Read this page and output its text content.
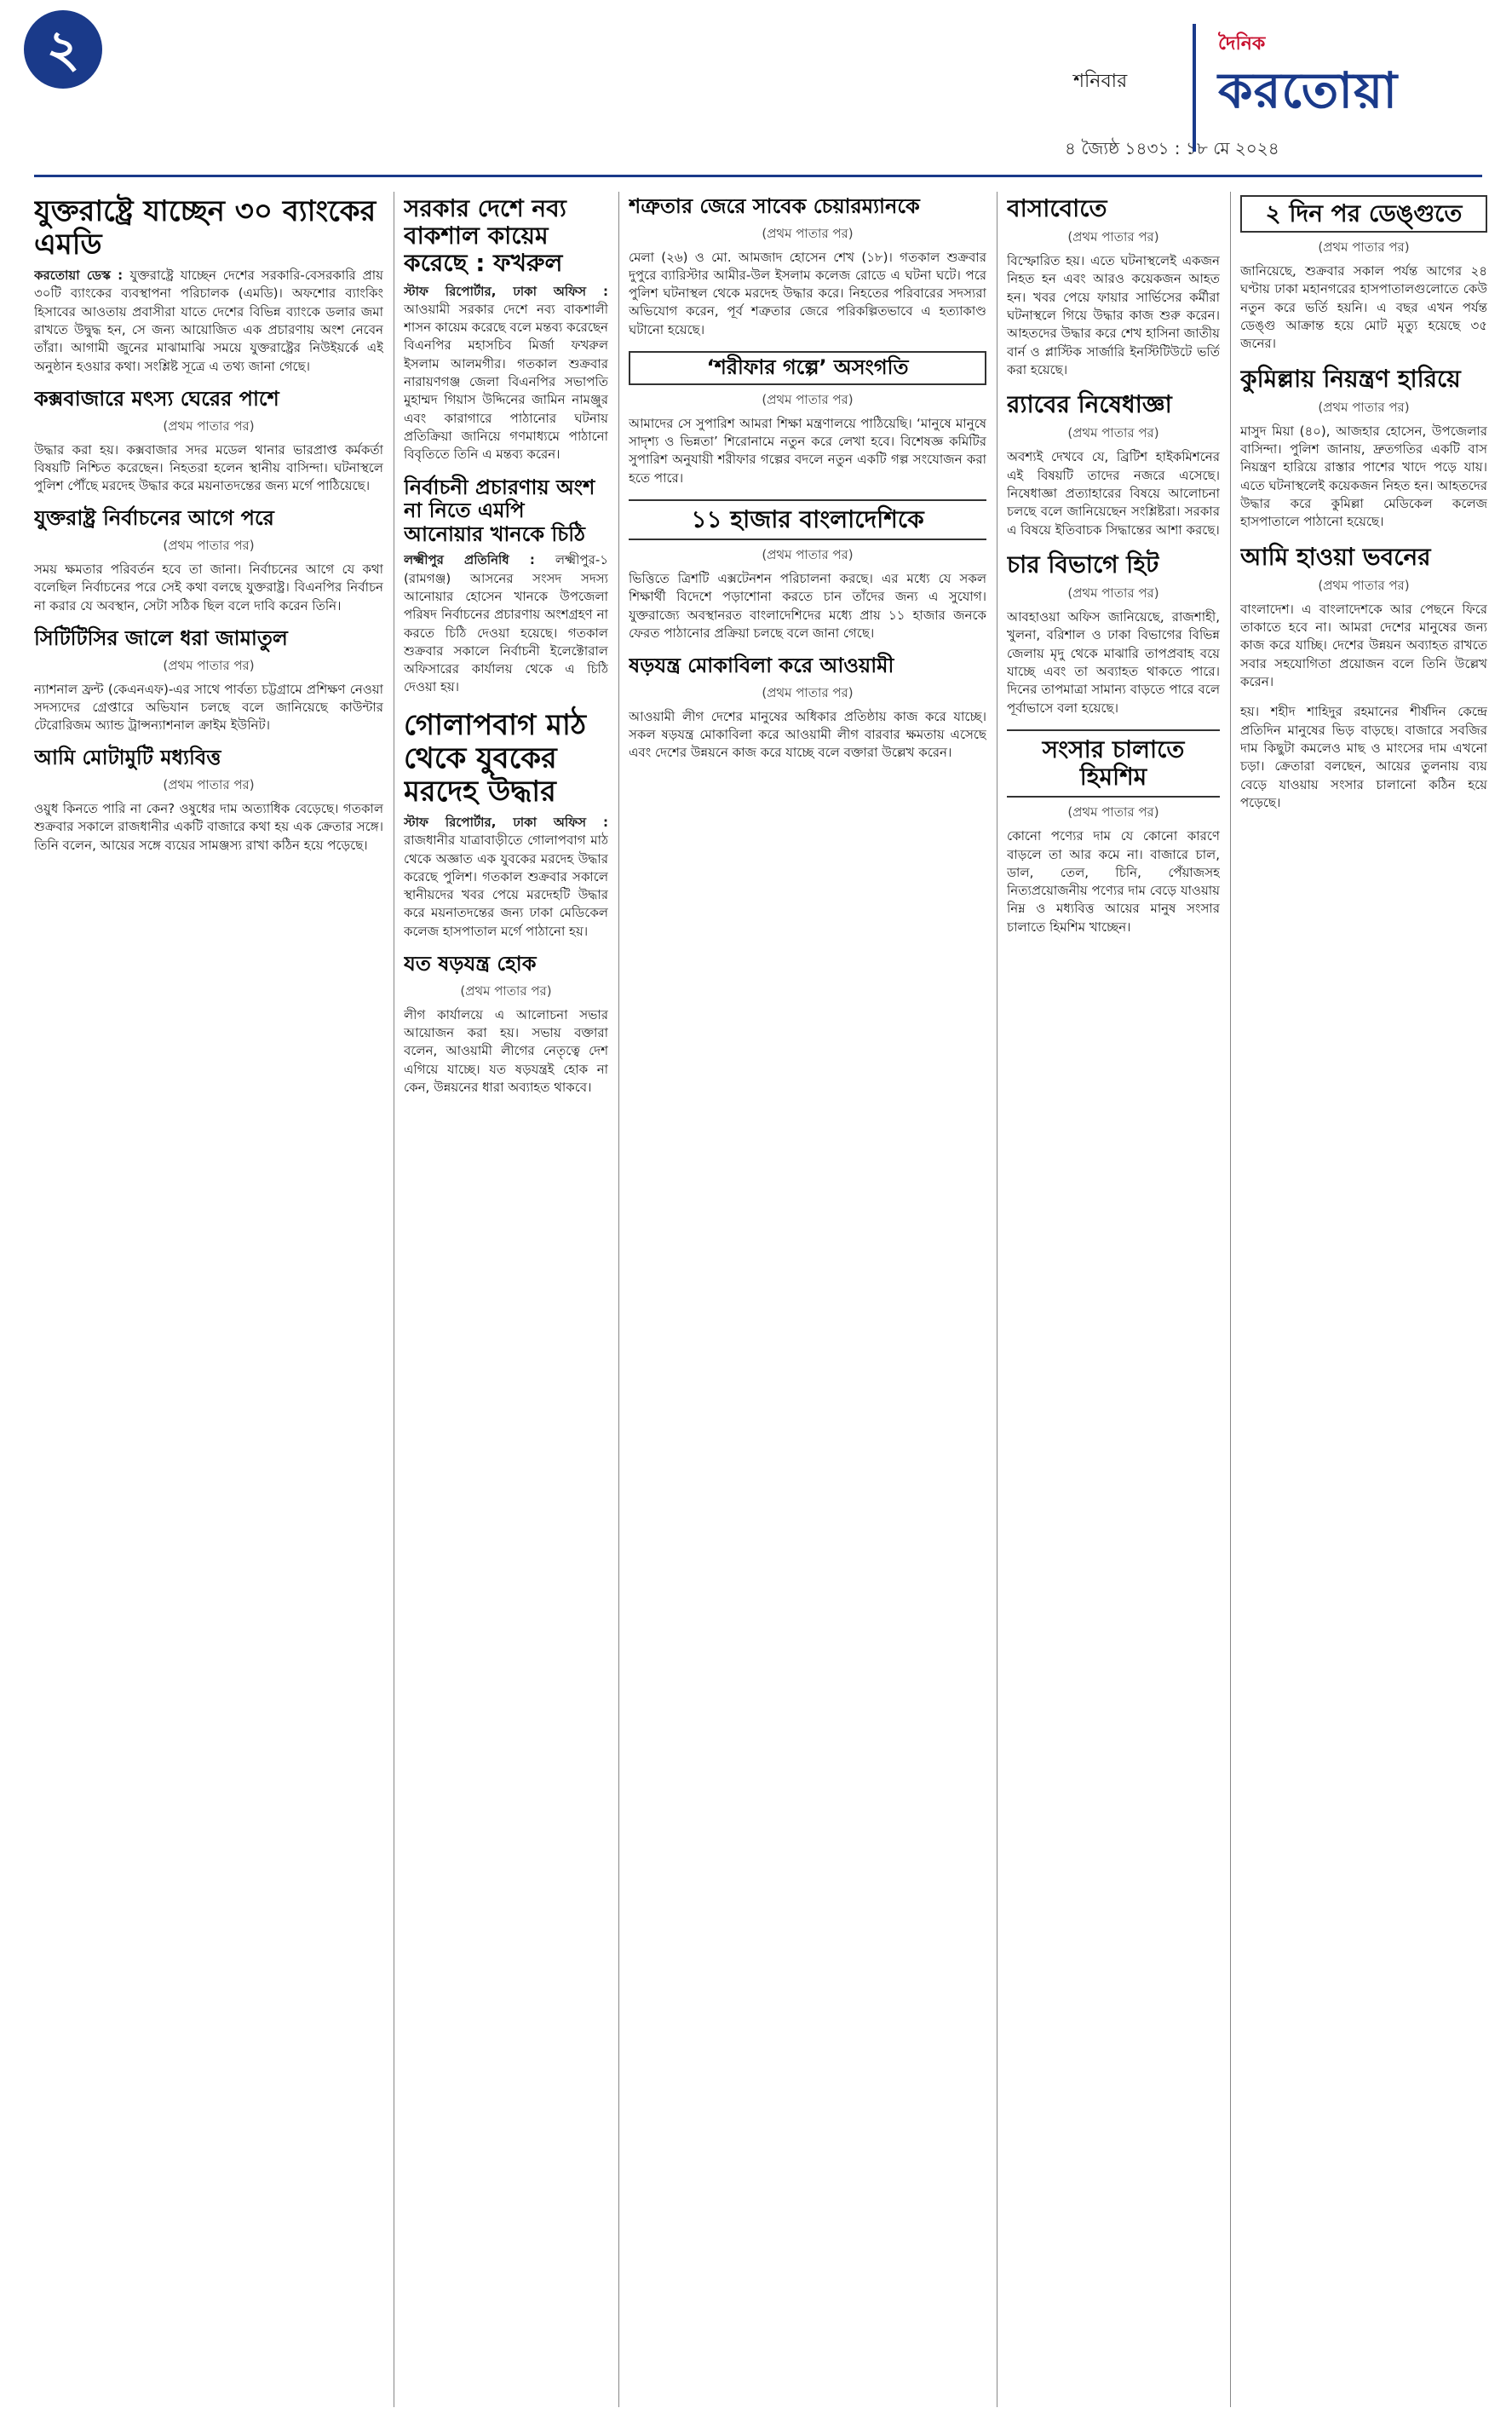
২
শনিবার
৪ জ্যৈষ্ঠ ১৪৩১ : ১৮ মে ২০২৪
দৈনিক
করতোয়া
যুক্তরাষ্ট্রে যাচ্ছেন ৩০ ব্যাংকের এমডি
করতোয়া ডেস্ক : যুক্তরাষ্ট্রে যাচ্ছেন দেশের সরকারি-বেসরকারি প্রায় ৩০টি ব্যাংকের ব্যবস্থাপনা পরিচালক (এমডি)। অফশোর ব্যাংকিং হিসাবের আওতায় প্রবাসীরা যাতে দেশের বিভিন্ন ব্যাংকে ডলার জমা রাখতে উদ্বুদ্ধ হন, সে জন্য আয়োজিত এক প্রচারণায় অংশ নেবেন তাঁরা। আগামী জুনের মাঝামাঝি সময়ে যুক্তরাষ্ট্রের নিউইয়র্কে এই অনুষ্ঠান হওয়ার কথা। সংশ্লিষ্ট সূত্রে এ তথ্য জানা গেছে।
কক্সবাজারে মৎস্য ঘেরের পাশে
(প্রথম পাতার পর)
উদ্ধার করা হয়। কক্সবাজার সদর মডেল থানার ভারপ্রাপ্ত কর্মকর্তা বিষয়টি নিশ্চিত করেছেন। নিহতরা হলেন স্থানীয় বাসিন্দা। ঘটনাস্থলে পুলিশ পৌঁছে মরদেহ উদ্ধার করে ময়নাতদন্তের জন্য মর্গে পাঠিয়েছে।
যুক্তরাষ্ট্র নির্বাচনের আগে পরে
(প্রথম পাতার পর)
সময় ক্ষমতার পরিবর্তন হবে তা জানা। নির্বাচনের আগে যে কথা বলেছিল নির্বাচনের পরে সেই কথা বলছে যুক্তরাষ্ট্র। বিএনপির নির্বাচন না করার যে অবস্থান, সেটা সঠিক ছিল বলে দাবি করেন তিনি।
সিটিটিসির জালে ধরা জামাতুল
(প্রথম পাতার পর)
ন্যাশনাল ফ্রন্ট (কেএনএফ)-এর সাথে পার্বত্য চট্টগ্রামে প্রশিক্ষণ নেওয়া সদস্যদের গ্রেপ্তারে অভিযান চলছে বলে জানিয়েছে কাউন্টার টেরোরিজম অ্যান্ড ট্রান্সন্যাশনাল ক্রাইম ইউনিট।
আমি মোটামুটি মধ্যবিত্ত
(প্রথম পাতার পর)
ওয়ুধ কিনতে পারি না কেন? ওষুধের দাম অত্যাধিক বেড়েছে। গতকাল শুক্রবার সকালে রাজধানীর একটি বাজারে কথা হয় এক ক্রেতার সঙ্গে। তিনি বলেন, আয়ের সঙ্গে ব্যয়ের সামঞ্জস্য রাখা কঠিন হয়ে পড়েছে।
সরকার দেশে নব্য বাকশাল কায়েম করেছে : ফখরুল
স্টাফ রিপোর্টার, ঢাকা অফিস : আওয়ামী সরকার দেশে নব্য বাকশালী শাসন কায়েম করেছে বলে মন্তব্য করেছেন বিএনপির মহাসচিব মির্জা ফখরুল ইসলাম আলমগীর। গতকাল শুক্রবার নারায়ণগঞ্জ জেলা বিএনপির সভাপতি মুহাম্মদ গিয়াস উদ্দিনের জামিন নামঞ্জুর এবং কারাগারে পাঠানোর ঘটনায় প্রতিক্রিয়া জানিয়ে গণমাধ্যমে পাঠানো বিবৃতিতে তিনি এ মন্তব্য করেন।
নির্বাচনী প্রচারণায় অংশ না নিতে এমপি আনোয়ার খানকে চিঠি
লক্ষ্মীপুর প্রতিনিধি : লক্ষ্মীপুর-১ (রামগঞ্জ) আসনের সংসদ সদস্য আনোয়ার হোসেন খানকে উপজেলা পরিষদ নির্বাচনের প্রচারণায় অংশগ্রহণ না করতে চিঠি দেওয়া হয়েছে। গতকাল শুক্রবার সকালে নির্বাচনী ইলেক্টোরাল অফিসারের কার্যালয় থেকে এ চিঠি দেওয়া হয়।
গোলাপবাগ মাঠ থেকে যুবকের মরদেহ উদ্ধার
স্টাফ রিপোর্টার, ঢাকা অফিস : রাজধানীর যাত্রাবাড়ীতে গোলাপবাগ মাঠ থেকে অজ্ঞাত এক যুবকের মরদেহ উদ্ধার করেছে পুলিশ। গতকাল শুক্রবার সকালে স্থানীয়দের খবর পেয়ে মরদেহটি উদ্ধার করে ময়নাতদন্তের জন্য ঢাকা মেডিকেল কলেজ হাসপাতাল মর্গে পাঠানো হয়।
যত ষড়যন্ত্র হোক
(প্রথম পাতার পর)
লীগ কার্যালয়ে এ আলোচনা সভার আয়োজন করা হয়। সভায় বক্তারা বলেন, আওয়ামী লীগের নেতৃত্বে দেশ এগিয়ে যাচ্ছে। যত ষড়যন্ত্রই হোক না কেন, উন্নয়নের ধারা অব্যাহত থাকবে।
শত্রুতার জেরে সাবেক চেয়ারম্যানকে
(প্রথম পাতার পর)
মেলা (২৬) ও মো. আমজাদ হোসেন শেখ (১৮)। গতকাল শুক্রবার দুপুরে ব্যারিস্টার আমীর-উল ইসলাম কলেজ রোডে এ ঘটনা ঘটে। পরে পুলিশ ঘটনাস্থল থেকে মরদেহ উদ্ধার করে। নিহতের পরিবারের সদস্যরা অভিযোগ করেন, পূর্ব শত্রুতার জেরে পরিকল্পিতভাবে এ হত্যাকাণ্ড ঘটানো হয়েছে।
‘শরীফার গল্পে’ অসংগতি
(প্রথম পাতার পর)
আমাদের সে সুপারিশ আমরা শিক্ষা মন্ত্রণালয়ে পাঠিয়েছি। ‘মানুষে মানুষে সাদৃশ্য ও ভিন্নতা’ শিরোনামে নতুন করে লেখা হবে। বিশেষজ্ঞ কমিটির সুপারিশ অনুযায়ী শরীফার গল্পের বদলে নতুন একটি গল্প সংযোজন করা হতে পারে।
১১ হাজার বাংলাদেশিকে
(প্রথম পাতার পর)
ভিত্তিতে ত্রিশটি এক্সটেনশন পরিচালনা করছে। এর মধ্যে যে সকল শিক্ষার্থী বিদেশে পড়াশোনা করতে চান তাঁদের জন্য এ সুযোগ। যুক্তরাজ্যে অবস্থানরত বাংলাদেশিদের মধ্যে প্রায় ১১ হাজার জনকে ফেরত পাঠানোর প্রক্রিয়া চলছে বলে জানা গেছে।
ষড়যন্ত্র মোকাবিলা করে আওয়ামী
(প্রথম পাতার পর)
আওয়ামী লীগ দেশের মানুষের অধিকার প্রতিষ্ঠায় কাজ করে যাচ্ছে। সকল ষড়যন্ত্র মোকাবিলা করে আওয়ামী লীগ বারবার ক্ষমতায় এসেছে এবং দেশের উন্নয়নে কাজ করে যাচ্ছে বলে বক্তারা উল্লেখ করেন।
বাসাবোতে
(প্রথম পাতার পর)
বিস্ফোরিত হয়। এতে ঘটনাস্থলেই একজন নিহত হন এবং আরও কয়েকজন আহত হন। খবর পেয়ে ফায়ার সার্ভিসের কর্মীরা ঘটনাস্থলে গিয়ে উদ্ধার কাজ শুরু করেন। আহতদের উদ্ধার করে শেখ হাসিনা জাতীয় বার্ন ও প্লাস্টিক সার্জারি ইনস্টিটিউটে ভর্তি করা হয়েছে।
র‍্যাবের নিষেধাজ্ঞা
(প্রথম পাতার পর)
অবশ্যই দেখবে যে, ব্রিটিশ হাইকমিশনের এই বিষয়টি তাদের নজরে এসেছে। নিষেধাজ্ঞা প্রত্যাহারের বিষয়ে আলোচনা চলছে বলে জানিয়েছেন সংশ্লিষ্টরা। সরকার এ বিষয়ে ইতিবাচক সিদ্ধান্তের আশা করছে।
চার বিভাগে হিট
(প্রথম পাতার পর)
আবহাওয়া অফিস জানিয়েছে, রাজশাহী, খুলনা, বরিশাল ও ঢাকা বিভাগের বিভিন্ন জেলায় মৃদু থেকে মাঝারি তাপপ্রবাহ বয়ে যাচ্ছে এবং তা অব্যাহত থাকতে পারে। দিনের তাপমাত্রা সামান্য বাড়তে পারে বলে পূর্বাভাসে বলা হয়েছে।
সংসার চালাতে হিমশিম
(প্রথম পাতার পর)
কোনো পণ্যের দাম যে কোনো কারণে বাড়লে তা আর কমে না। বাজারে চাল, ডাল, তেল, চিনি, পেঁয়াজসহ নিত্যপ্রয়োজনীয় পণ্যের দাম বেড়ে যাওয়ায় নিম্ন ও মধ্যবিত্ত আয়ের মানুষ সংসার চালাতে হিমশিম খাচ্ছেন।
২ দিন পর ডেঙ্গুতে
(প্রথম পাতার পর)
জানিয়েছে, শুক্রবার সকাল পর্যন্ত আগের ২৪ ঘণ্টায় ঢাকা মহানগরের হাসপাতালগুলোতে কেউ নতুন করে ভর্তি হয়নি। এ বছর এখন পর্যন্ত ডেঙ্গু আক্রান্ত হয়ে মোট মৃত্যু হয়েছে ৩৫ জনের।
কুমিল্লায় নিয়ন্ত্রণ হারিয়ে
(প্রথম পাতার পর)
মাসুদ মিয়া (৪০), আজহার হোসেন, উপজেলার বাসিন্দা। পুলিশ জানায়, দ্রুতগতির একটি বাস নিয়ন্ত্রণ হারিয়ে রাস্তার পাশের খাদে পড়ে যায়। এতে ঘটনাস্থলেই কয়েকজন নিহত হন। আহতদের উদ্ধার করে কুমিল্লা মেডিকেল কলেজ হাসপাতালে পাঠানো হয়েছে।
আমি হাওয়া ভবনের
(প্রথম পাতার পর)
বাংলাদেশ। এ বাংলাদেশকে আর পেছনে ফিরে তাকাতে হবে না। আমরা দেশের মানুষের জন্য কাজ করে যাচ্ছি। দেশের উন্নয়ন অব্যাহত রাখতে সবার সহযোগিতা প্রয়োজন বলে তিনি উল্লেখ করেন।
হয়। শহীদ শাহিদুর রহমানের শীর্ষদিন কেন্দ্রে প্রতিদিন মানুষের ভিড় বাড়ছে। বাজারে সবজির দাম কিছুটা কমলেও মাছ ও মাংসের দাম এখনো চড়া। ক্রেতারা বলছেন, আয়ের তুলনায় ব্যয় বেড়ে যাওয়ায় সংসার চালানো কঠিন হয়ে পড়েছে।
